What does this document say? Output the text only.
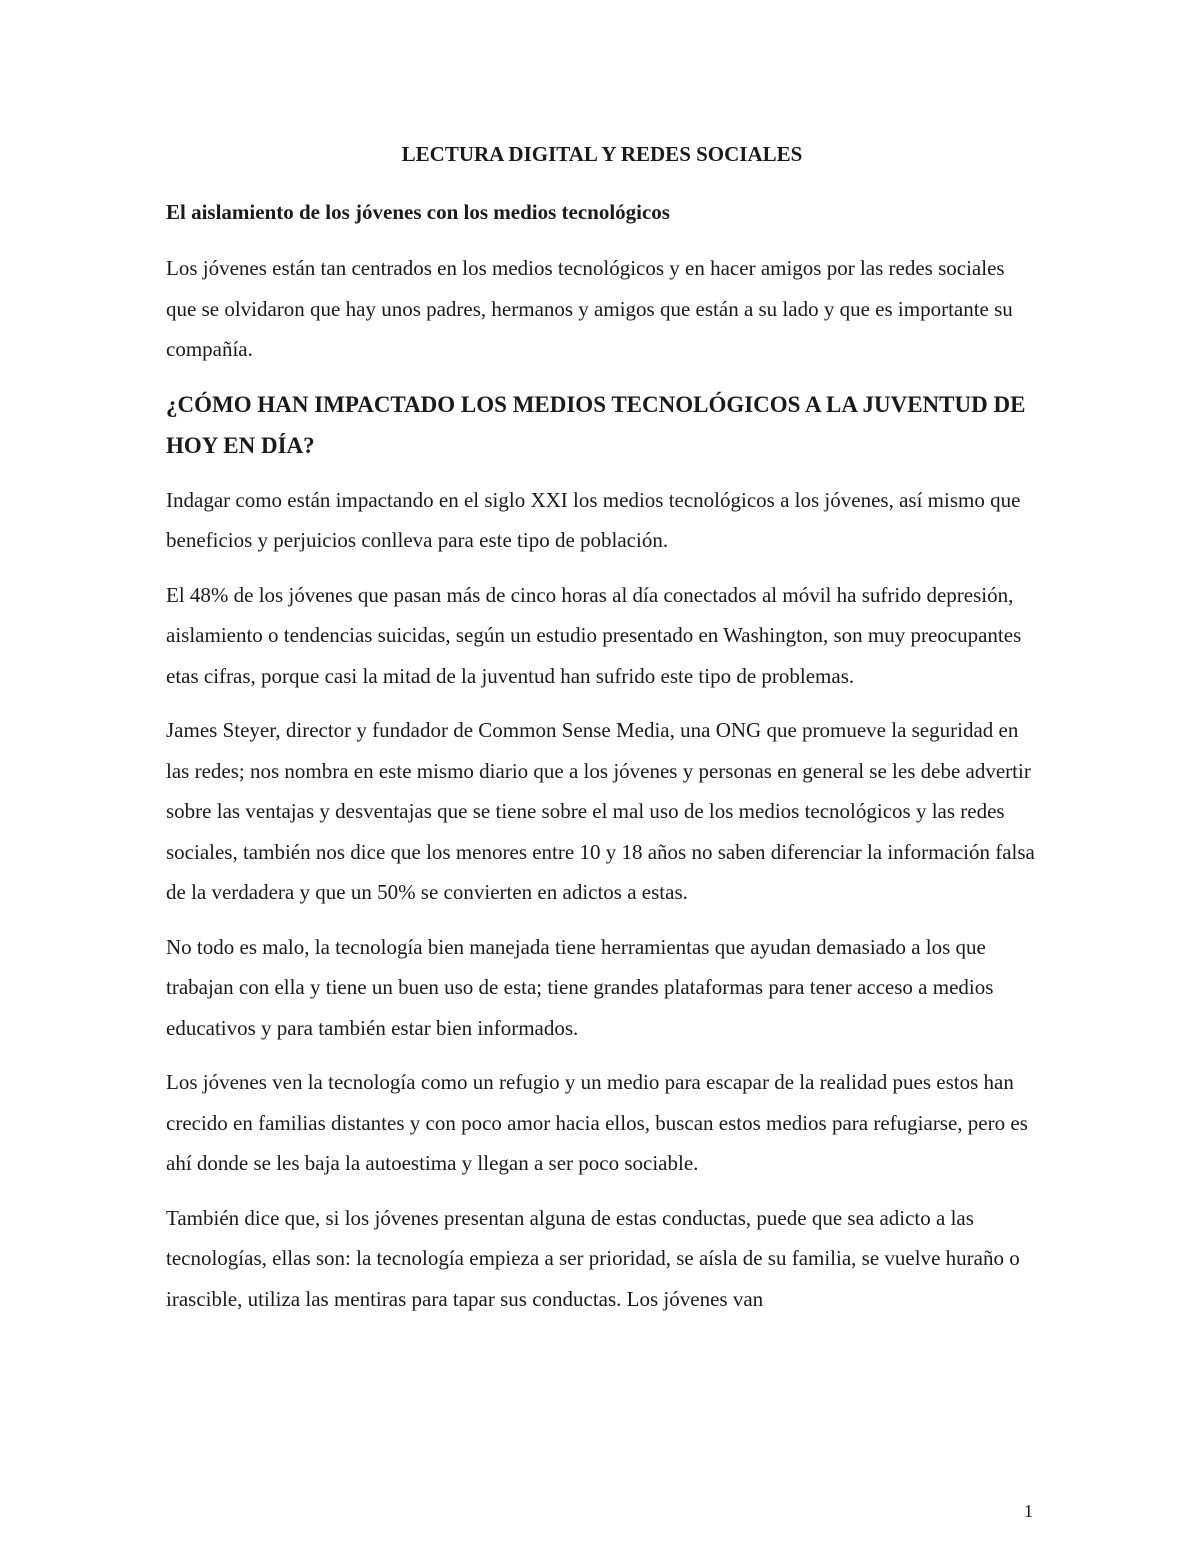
LECTURA DIGITAL Y REDES SOCIALES
El aislamiento de los jóvenes con los medios tecnológicos

Los jóvenes están tan centrados en los medios tecnológicos y en hacer amigos por las redes sociales que se olvidaron que hay unos padres, hermanos y amigos que están a su lado y que es importante su compañía.

¿CÓMO HAN IMPACTADO LOS MEDIOS TECNOLÓGICOS A LA JUVENTUD DE HOY EN DÍA?

Indagar como están impactando en el siglo XXI los medios tecnológicos a los jóvenes, así mismo que beneficios y perjuicios conlleva para este tipo de población.

El 48% de los jóvenes que pasan más de cinco horas al día conectados al móvil ha sufrido depresión, aislamiento o tendencias suicidas, según un estudio presentado en Washington, son muy preocupantes etas cifras, porque casi la mitad de la juventud han sufrido este tipo de problemas.

James Steyer, director y fundador de Common Sense Media, una ONG que promueve la seguridad en las redes; nos nombra en este mismo diario que a los jóvenes y personas en general se les debe advertir sobre las ventajas y desventajas que se tiene sobre el mal uso de los medios tecnológicos y las redes sociales, también nos dice que los menores entre 10 y 18 años no saben diferenciar la información falsa de la verdadera y que un 50% se convierten en adictos a estas.

No todo es malo, la tecnología bien manejada tiene herramientas que ayudan demasiado a los que trabajan con ella y tiene un buen uso de esta; tiene grandes plataformas para tener acceso a medios educativos y para también estar bien informados.

Los jóvenes ven la tecnología como un refugio y un medio para escapar de la realidad pues estos han crecido en familias distantes y con poco amor hacia ellos, buscan estos medios para refugiarse, pero es ahí donde se les baja la autoestima y llegan a ser poco sociable.

También dice que, si los jóvenes presentan alguna de estas conductas, puede que sea adicto a las tecnologías, ellas son: la tecnología empieza a ser prioridad, se aísla de su familia, se vuelve huraño o irascible, utiliza las mentiras para tapar sus conductas. Los jóvenes van

1
